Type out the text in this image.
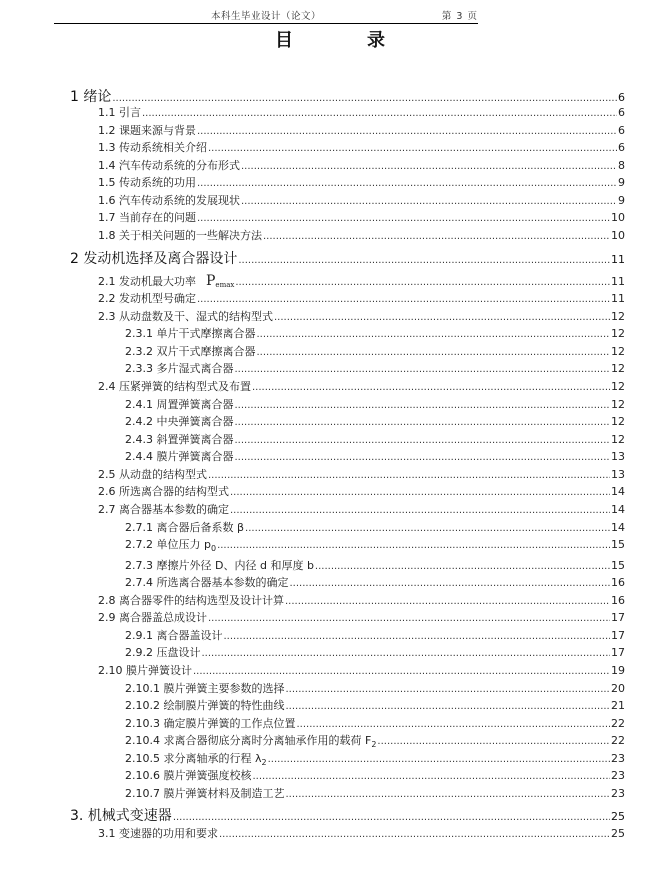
本科生毕业设计（论文）	第 3 页
目　录
1 绪论 .....	6
1.1 引言 .....	6
1.2 课题来源与背景 .....	6
1.3 传动系统相关介绍 .....	6
1.4 汽车传动系统的分布形式 .....	8
1.5 传动系统的功用 .....	9
1.6 汽车传动系统的发展现状 .....	9
1.7 当前存在的问题 .....	10
1.8 关于相关问题的一些解决方法 .....	10
2 发动机选择及离合器设计 .....	11
2.1 发动机最大功率 $P_{emax}$ .....	11
2.2 发动机型号确定 .....	11
2.3 从动盘数及干、湿式的结构型式 .....	12
2.3.1 单片干式摩擦离合器 .....	12
2.3.2 双片干式摩擦离合器 .....	12
2.3.3 多片湿式离合器 .....	12
2.4 压紧弹簧的结构型式及布置 .....	12
2.4.1 周置弹簧离合器 .....	12
2.4.2 中央弹簧离合器 .....	12
2.4.3 斜置弹簧离合器 .....	12
2.4.4 膜片弹簧离合器 .....	13
2.5 从动盘的结构型式 .....	13
2.6 所选离合器的结构型式 .....	14
2.7 离合器基本参数的确定 .....	14
2.7.1 离合器后备系数 β .....	14
2.7.2 单位压力 $p_0$ .....	15
2.7.3 摩擦片外径 D、内径 d 和厚度 b .....	15
2.7.4 所选离合器基本参数的确定 .....	16
2.8 离合器零件的结构选型及设计计算 .....	16
2.9 离合器盖总成设计 .....	17
2.9.1 离合器盖设计 .....	17
2.9.2 压盘设计 .....	17
2.10 膜片弹簧设计 .....	19
2.10.1 膜片弹簧主要参数的选择 .....	20
2.10.2 绘制膜片弹簧的特性曲线 .....	21
2.10.3 确定膜片弹簧的工作点位置 .....	22
2.10.4 求离合器彻底分离时分离轴承作用的载荷 $F_2$ .....	22
2.10.5 求分离轴承的行程 $\lambda_2$ .....	23
2.10.6 膜片弹簧强度校核 .....	23
2.10.7 膜片弹簧材料及制造工艺 .....	23
3. 机械式变速器 .....	25
3.1 变速器的功用和要求 .....	25
